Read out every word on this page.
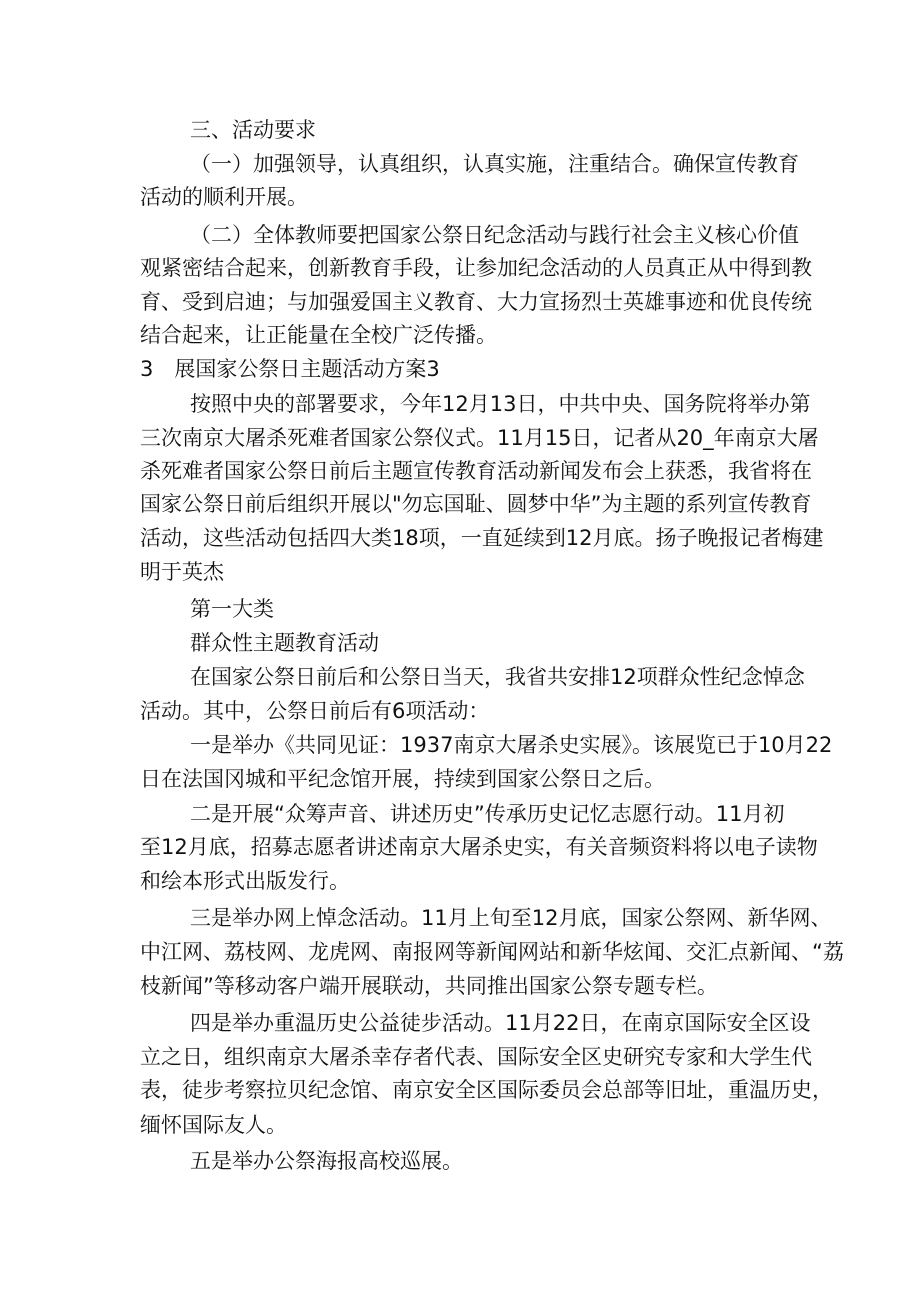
三、活动要求

（一）加强领导，认真组织，认真实施，注重结合。确保宣传教育

活动的顺利开展。

（二）全体教师要把国家公祭日纪念活动与践行社会主义核心价值

观紧密结合起来，创新教育手段，让参加纪念活动的人员真正从中得到教

育、受到启迪；与加强爱国主义教育、大力宣扬烈士英雄事迹和优良传统

结合起来，让正能量在全校广泛传播。

3　展国家公祭日主题活动方案3

按照中央的部署要求，今年12月13日，中共中央、国务院将举办第

三次南京大屠杀死难者国家公祭仪式。11月15日，记者从20_年南京大屠

杀死难者国家公祭日前后主题宣传教育活动新闻发布会上获悉，我省将在

国家公祭日前后组织开展以"勿忘国耻、圆梦中华”为主题的系列宣传教育

活动，这些活动包括四大类18项，一直延续到12月底。扬子晚报记者梅建

明于英杰

第一大类

群众性主题教育活动

在国家公祭日前后和公祭日当天，我省共安排12项群众性纪念悼念

活动。其中，公祭日前后有6项活动：

一是举办《共同见证：1937南京大屠杀史实展》。该展览已于10月22

日在法国冈城和平纪念馆开展，持续到国家公祭日之后。

二是开展“众筹声音、讲述历史”传承历史记忆志愿行动。11月初

至12月底，招募志愿者讲述南京大屠杀史实，有关音频资料将以电子读物

和绘本形式出版发行。

三是举办网上悼念活动。11月上旬至12月底，国家公祭网、新华网、

中江网、荔枝网、龙虎网、南报网等新闻网站和新华炫闻、交汇点新闻、“荔

枝新闻”等移动客户端开展联动，共同推出国家公祭专题专栏。

四是举办重温历史公益徒步活动。11月22日，在南京国际安全区设

立之日，组织南京大屠杀幸存者代表、国际安全区史研究专家和大学生代

表，徒步考察拉贝纪念馆、南京安全区国际委员会总部等旧址，重温历史，

缅怀国际友人。

五是举办公祭海报高校巡展。
